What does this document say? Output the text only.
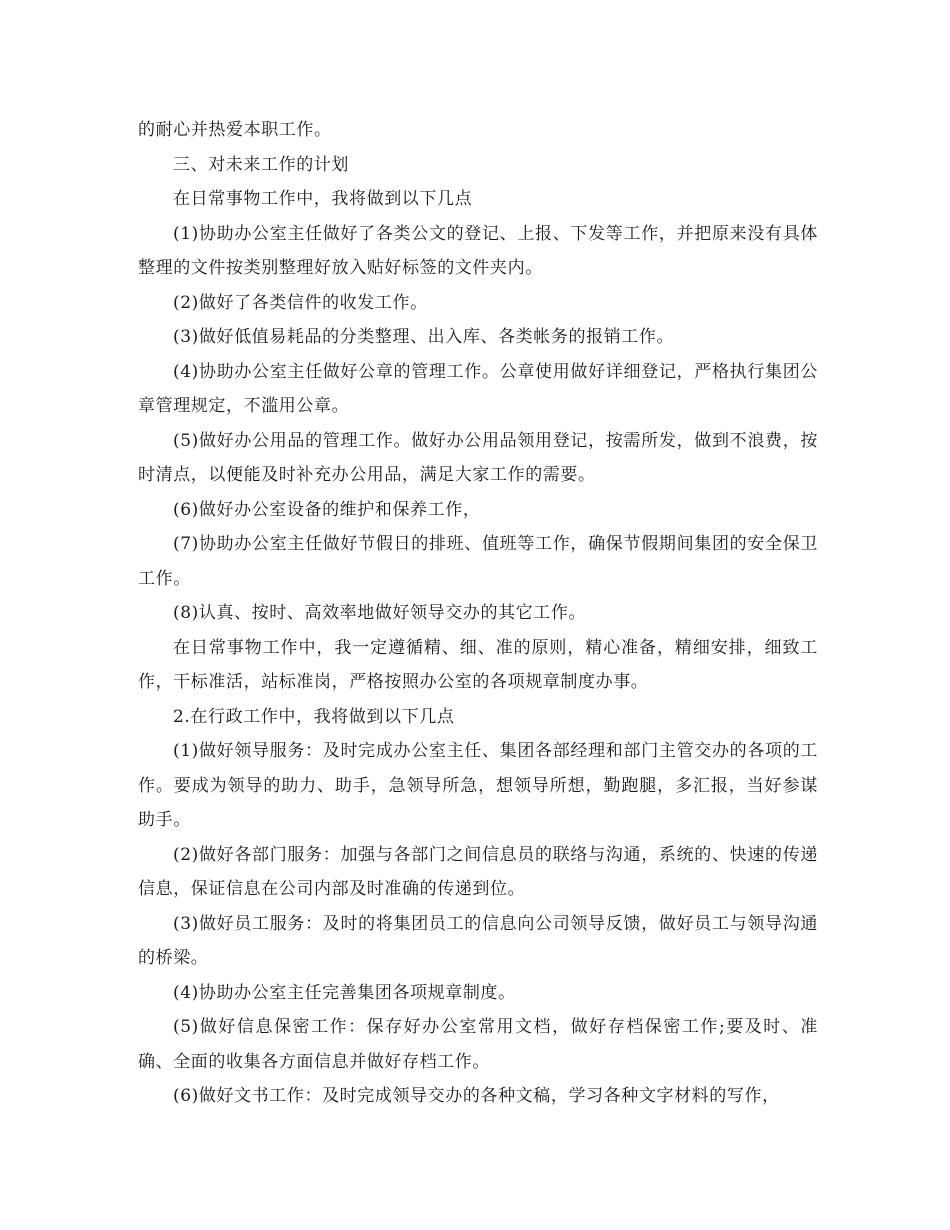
的耐心并热爱本职工作。

三、对未来工作的计划

在日常事物工作中，我将做到以下几点

(1)协助办公室主任做好了各类公文的登记、上报、下发等工作，并把原来没有具体整理的文件按类别整理好放入贴好标签的文件夹内。

(2)做好了各类信件的收发工作。

(3)做好低值易耗品的分类整理、出入库、各类帐务的报销工作。

(4)协助办公室主任做好公章的管理工作。公章使用做好详细登记，严格执行集团公章管理规定，不滥用公章。

(5)做好办公用品的管理工作。做好办公用品领用登记，按需所发，做到不浪费，按时清点，以便能及时补充办公用品，满足大家工作的需要。

(6)做好办公室设备的维护和保养工作，

(7)协助办公室主任做好节假日的排班、值班等工作，确保节假期间集团的安全保卫工作。

(8)认真、按时、高效率地做好领导交办的其它工作。

在日常事物工作中，我一定遵循精、细、准的原则，精心准备，精细安排，细致工作，干标准活，站标准岗，严格按照办公室的各项规章制度办事。

2.在行政工作中，我将做到以下几点

(1)做好领导服务：及时完成办公室主任、集团各部经理和部门主管交办的各项的工作。要成为领导的助力、助手，急领导所急，想领导所想，勤跑腿，多汇报，当好参谋助手。

(2)做好各部门服务：加强与各部门之间信息员的联络与沟通，系统的、快速的传递信息，保证信息在公司内部及时准确的传递到位。

(3)做好员工服务：及时的将集团员工的信息向公司领导反馈，做好员工与领导沟通的桥梁。

(4)协助办公室主任完善集团各项规章制度。

(5)做好信息保密工作：保存好办公室常用文档，做好存档保密工作;要及时、准确、全面的收集各方面信息并做好存档工作。

(6)做好文书工作：及时完成领导交办的各种文稿，学习各种文字材料的写作，
